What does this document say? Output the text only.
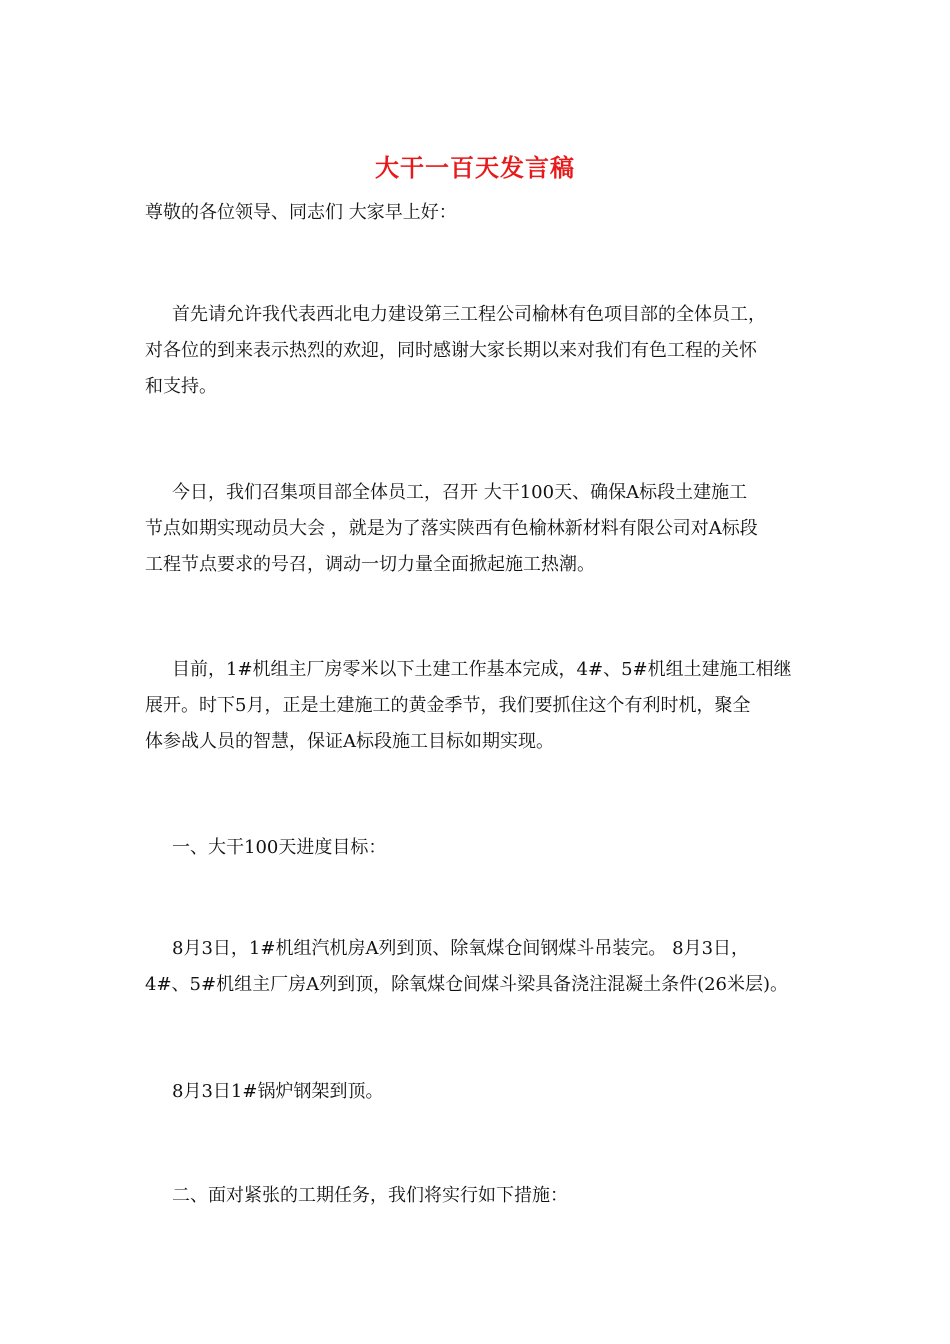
大干一百天发言稿
尊敬的各位领导、同志们 大家早上好：
首先请允许我代表西北电力建设第三工程公司榆林有色项目部的全体员工，
对各位的到来表示热烈的欢迎，同时感谢大家长期以来对我们有色工程的关怀
和支持。
今日，我们召集项目部全体员工，召开 大干100天、确保A标段土建施工
节点如期实现动员大会 ，就是为了落实陕西有色榆林新材料有限公司对A标段
工程节点要求的号召，调动一切力量全面掀起施工热潮。
目前，1#机组主厂房零米以下土建工作基本完成，4#、5#机组土建施工相继
展开。时下5月，正是土建施工的黄金季节，我们要抓住这个有利时机，聚全
体参战人员的智慧，保证A标段施工目标如期实现。
一、大干100天进度目标：
8月3日，1#机组汽机房A列到顶、除氧煤仓间钢煤斗吊装完。 8月3日，
4#、5#机组主厂房A列到顶，除氧煤仓间煤斗梁具备浇注混凝土条件(26米层)。
8月3日1#锅炉钢架到顶。
二、面对紧张的工期任务，我们将实行如下措施：
